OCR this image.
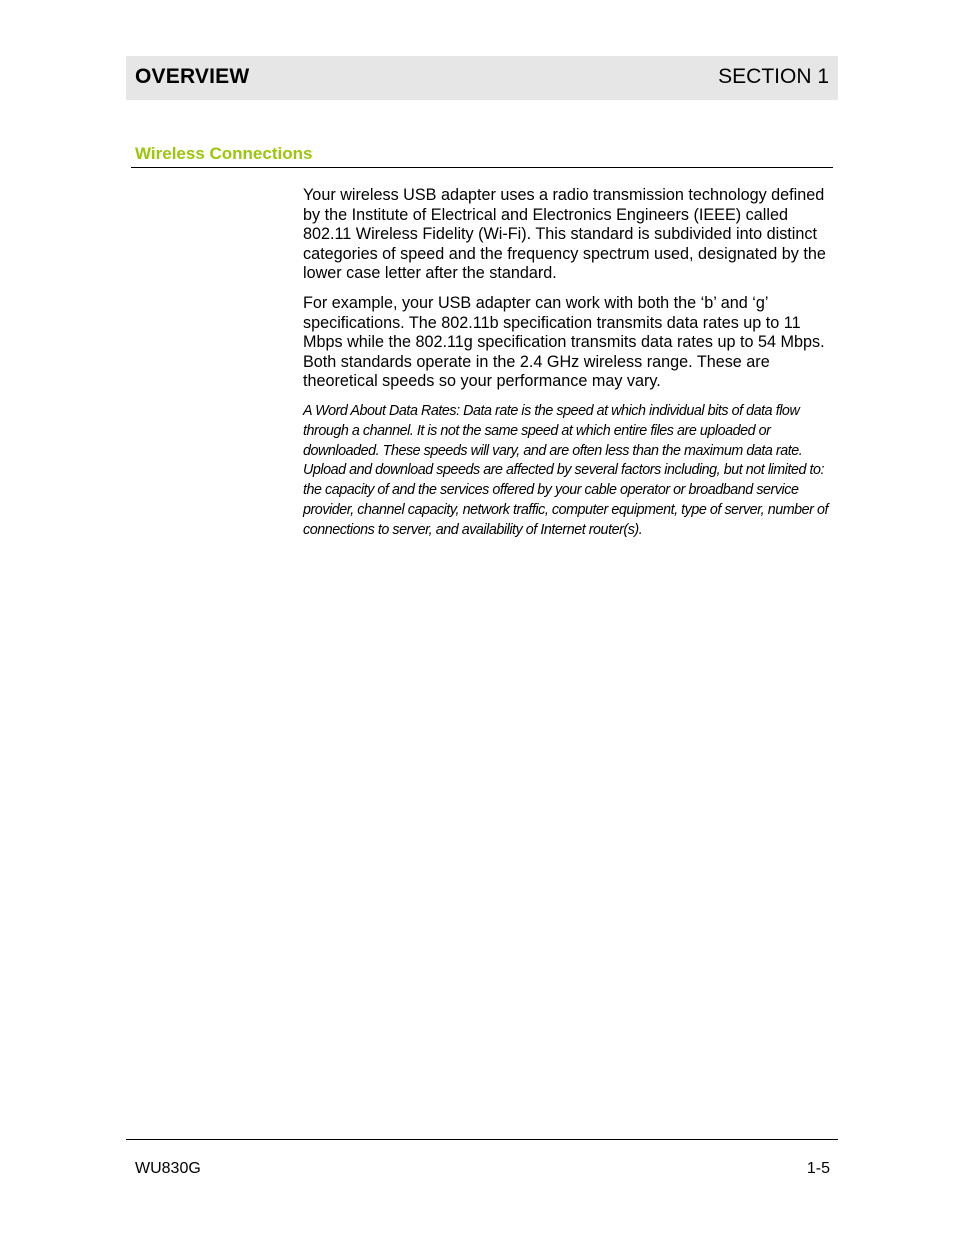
OVERVIEW	SECTION 1
Wireless Connections

Your wireless USB adapter uses a radio transmission technology defined by the Institute of Electrical and Electronics Engineers (IEEE) called 802.11 Wireless Fidelity (Wi-Fi). This standard is subdivided into distinct categories of speed and the frequency spectrum used, designated by the lower case letter after the standard.

For example, your USB adapter can work with both the ‘b’ and ‘g’ specifications. The 802.11b specification transmits data rates up to 11 Mbps while the 802.11g specification transmits data rates up to 54 Mbps. Both standards operate in the 2.4 GHz wireless range. These are theoretical speeds so your performance may vary.

A Word About Data Rates: Data rate is the speed at which individual bits of data flow through a channel. It is not the same speed at which entire files are uploaded or downloaded. These speeds will vary, and are often less than the maximum data rate. Upload and download speeds are affected by several factors including, but not limited to: the capacity of and the services offered by your cable operator or broadband service provider, channel capacity, network traffic, computer equipment, type of server, number of connections to server, and availability of Internet router(s).

WU830G	1-5
